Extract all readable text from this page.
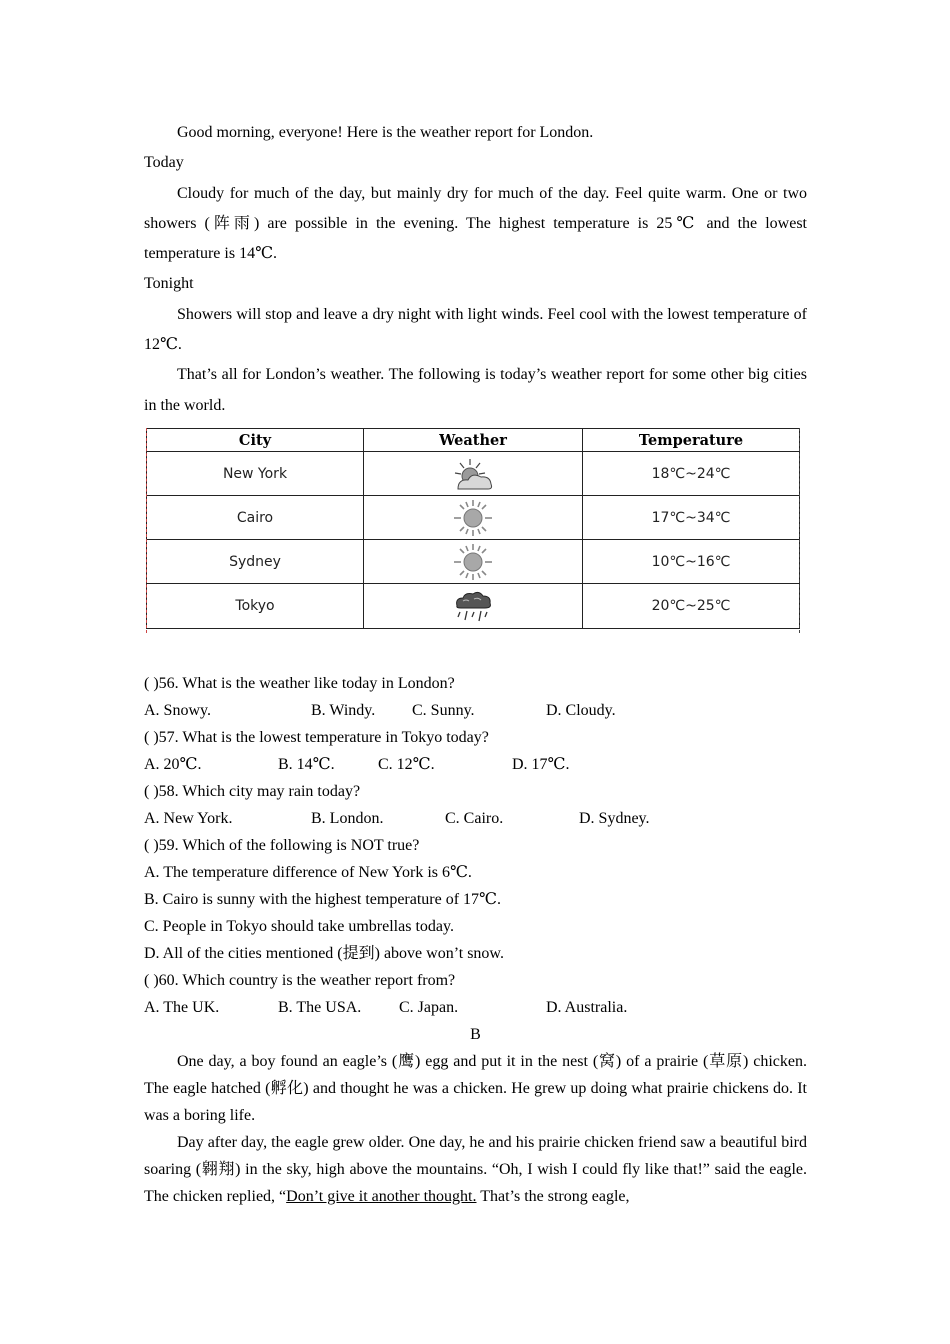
Good morning, everyone! Here is the weather report for London.

Today

Cloudy for much of the day, but mainly dry for much of the day. Feel quite warm. One or two showers (阵雨) are possible in the evening. The highest temperature is 25℃ and the lowest temperature is 14℃.

Tonight

Showers will stop and leave a dry night with light winds. Feel cool with the lowest temperature of 12℃.

That’s all for London’s weather. The following is today’s weather report for some other big cities in the world.

City	Weather	Temperature
New York		18℃~24℃
Cairo		17℃~34℃
Sydney		10℃~16℃
Tokyo		20℃~25℃
( )56. What is the weather like today in London?
A. Snowy.	B. Windy. C. Sunny.	D. Cloudy.
( )57. What is the lowest temperature in Tokyo today?
A. 20℃.	B. 14℃.	C. 12℃.	D. 17℃.
( )58. Which city may rain today?
A. New York.	B. London.	C. Cairo.	D. Sydney.
( )59. Which of the following is NOT true?
A. The temperature difference of New York is 6℃.
B. Cairo is sunny with the highest temperature of 17℃.
C. People in Tokyo should take umbrellas today.
D. All of the cities mentioned (提到) above won’t snow.
( )60. Which country is the weather report from?
A. The UK.	B. The USA. C. Japan.	D. Australia.
B

One day, a boy found an eagle’s (鹰) egg and put it in the nest (窝) of a prairie (草原) chicken. The eagle hatched (孵化) and thought he was a chicken. He grew up doing what prairie chickens do. It was a boring life.

Day after day, the eagle grew older. One day, he and his prairie chicken friend saw a beautiful bird soaring (翱翔) in the sky, high above the mountains. “Oh, I wish I could fly like that!” said the eagle. The chicken replied, “Don’t give it another thought. That’s the strong eagle,
